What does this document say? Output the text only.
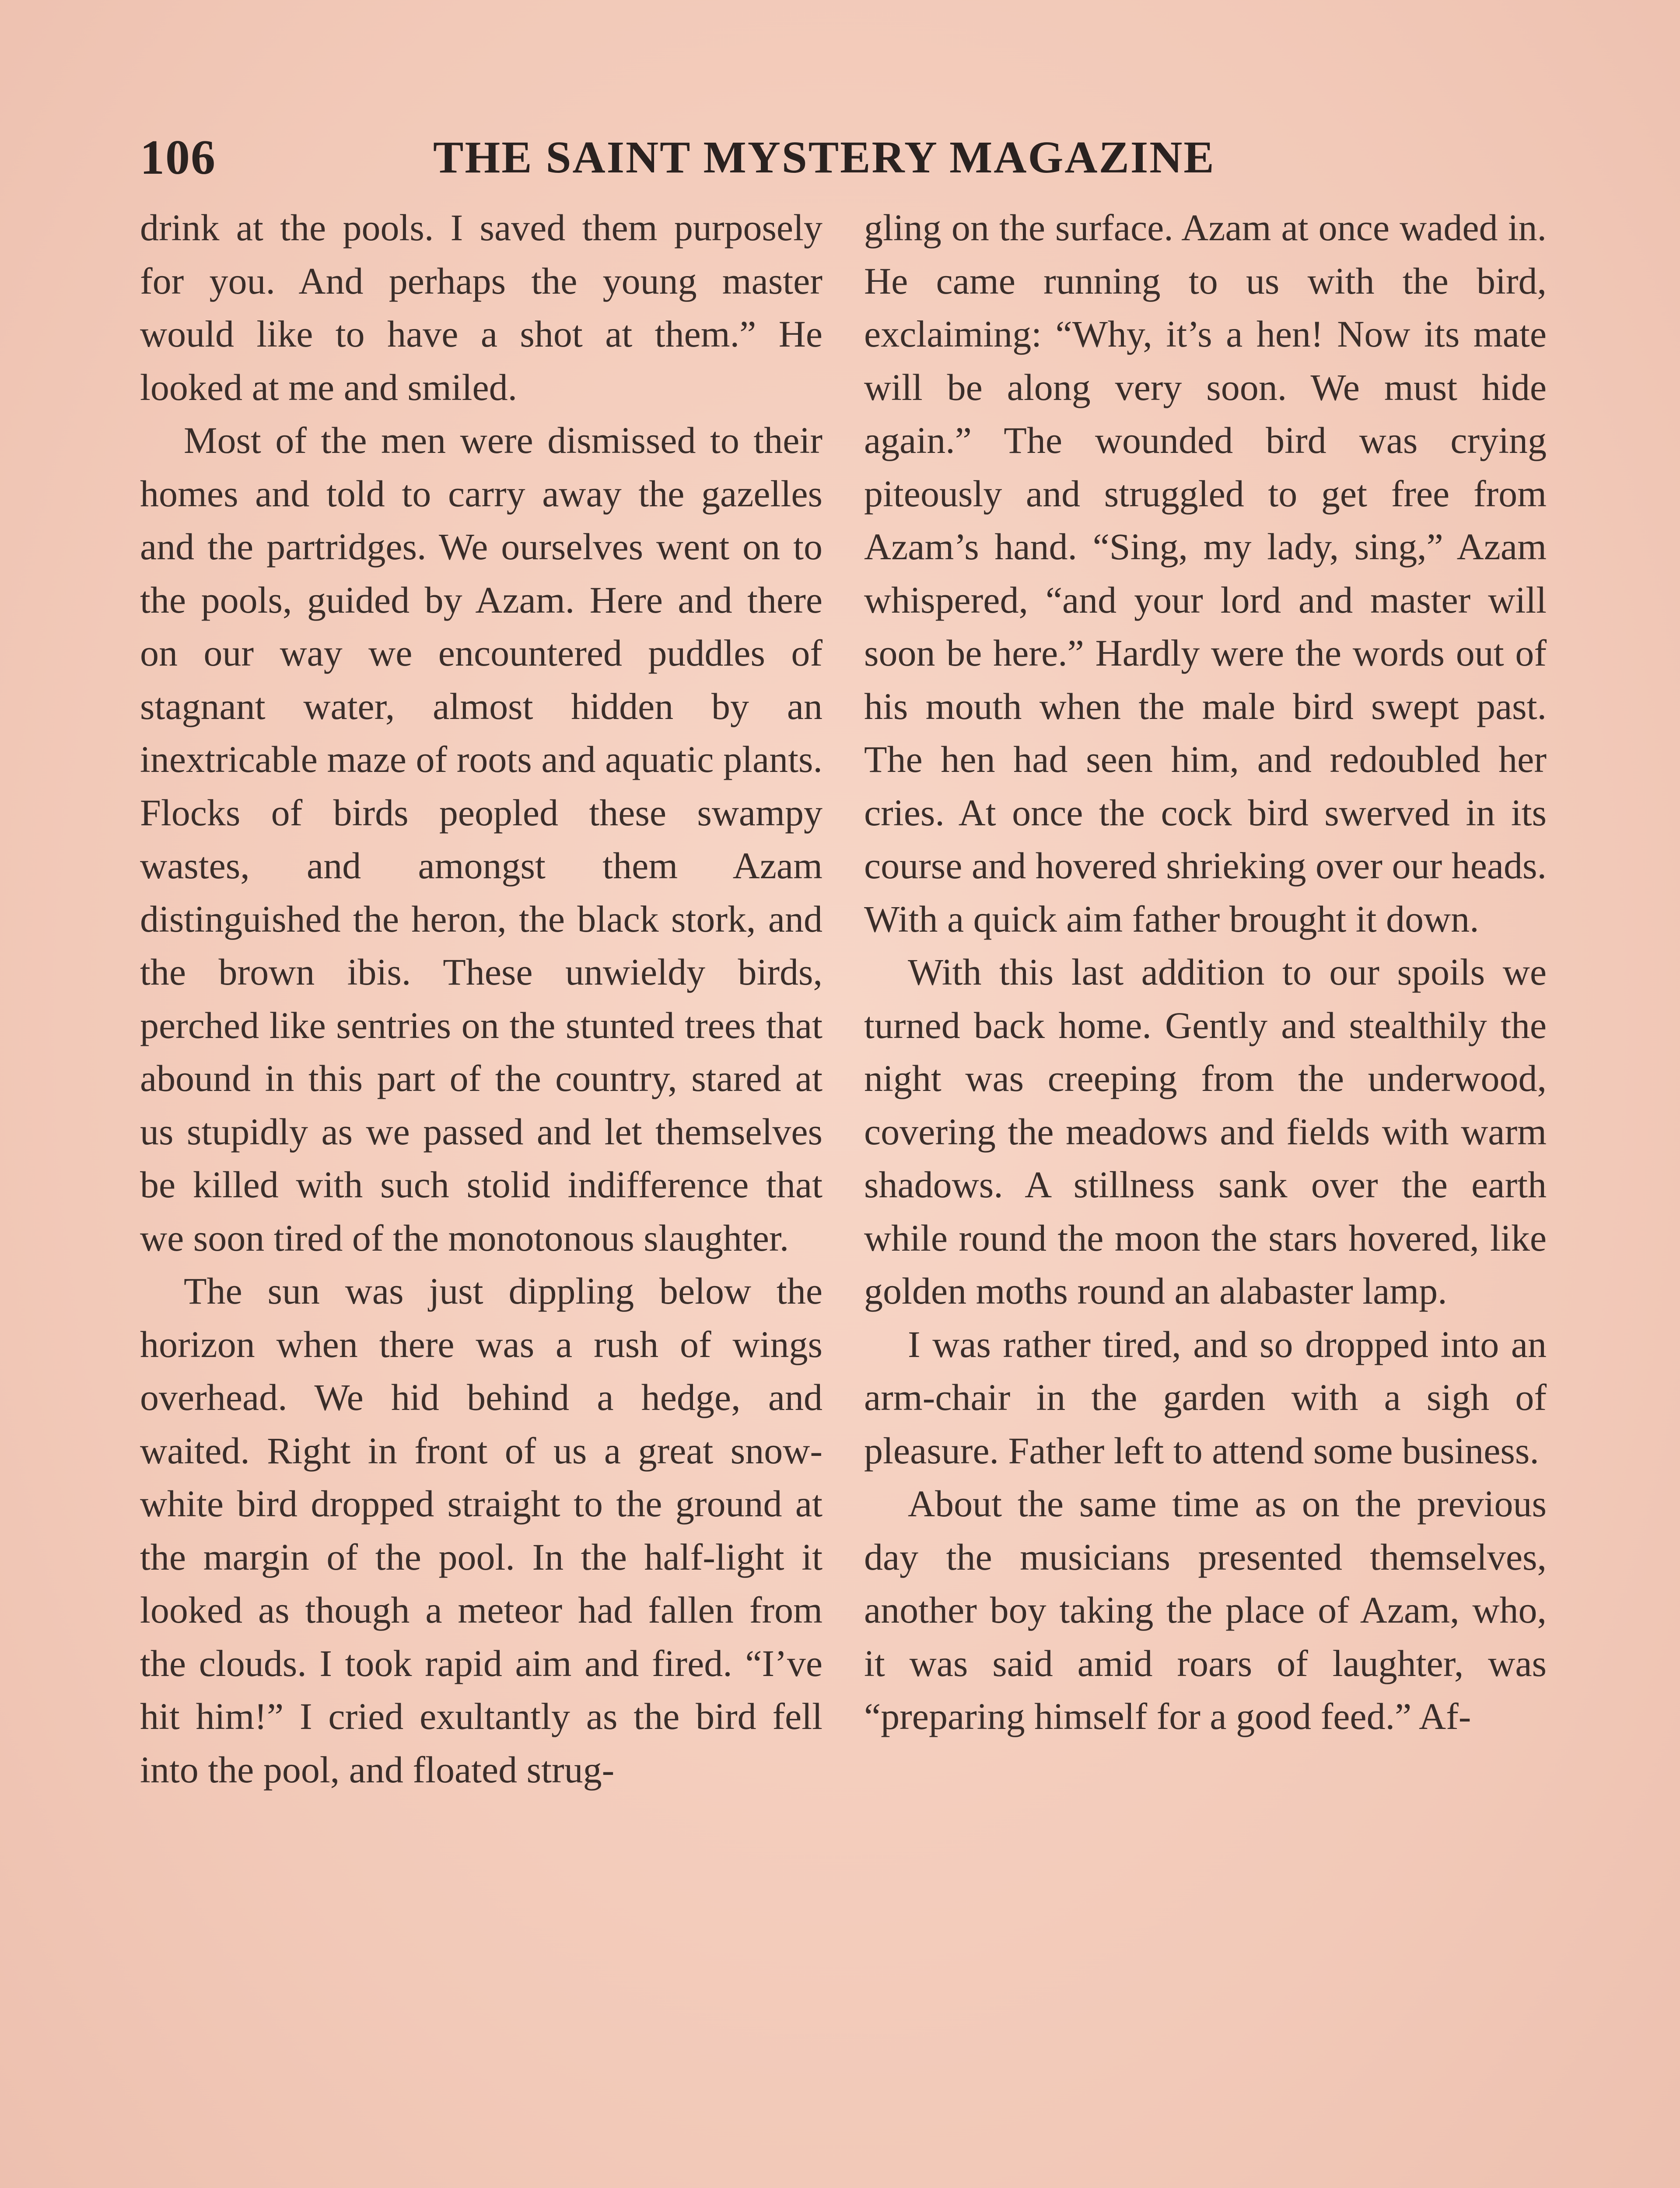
106	THE SAINT MYSTERY MAGAZINE

drink at the pools. I saved them purposely for you. And perhaps the young master would like to have a shot at them.” He looked at me and smiled.

Most of the men were dismissed to their homes and told to carry away the gazelles and the partridges. We ourselves went on to the pools, guided by Azam. Here and there on our way we encountered puddles of stagnant water, almost hidden by an inextricable maze of roots and aquatic plants. Flocks of birds peopled these swampy wastes, and amongst them Azam distinguished the heron, the black stork, and the brown ibis. These unwieldy birds, perched like sentries on the stunted trees that abound in this part of the country, stared at us stupidly as we passed and let themselves be killed with such stolid indifference that we soon tired of the monotonous slaughter.

The sun was just dippling below the horizon when there was a rush of wings overhead. We hid behind a hedge, and waited. Right in front of us a great snow-white bird dropped straight to the ground at the margin of the pool. In the half-light it looked as though a meteor had fallen from the clouds. I took rapid aim and fired. “I’ve hit him!” I cried exultantly as the bird fell into the pool, and floated strug-

gling on the surface. Azam at once waded in. He came running to us with the bird, exclaiming: “Why, it’s a hen! Now its mate will be along very soon. We must hide again.” The wounded bird was crying piteously and struggled to get free from Azam’s hand. “Sing, my lady, sing,” Azam whispered, “and your lord and master will soon be here.” Hardly were the words out of his mouth when the male bird swept past. The hen had seen him, and redoubled her cries. At once the cock bird swerved in its course and hovered shrieking over our heads. With a quick aim father brought it down.

With this last addition to our spoils we turned back home. Gently and stealthily the night was creeping from the underwood, covering the meadows and fields with warm shadows. A stillness sank over the earth while round the moon the stars hovered, like golden moths round an alabaster lamp.

I was rather tired, and so dropped into an arm-chair in the garden with a sigh of pleasure. Father left to attend some business.

About the same time as on the previous day the musicians presented themselves, another boy taking the place of Azam, who, it was said amid roars of laughter, was “preparing himself for a good feed.” Af-
